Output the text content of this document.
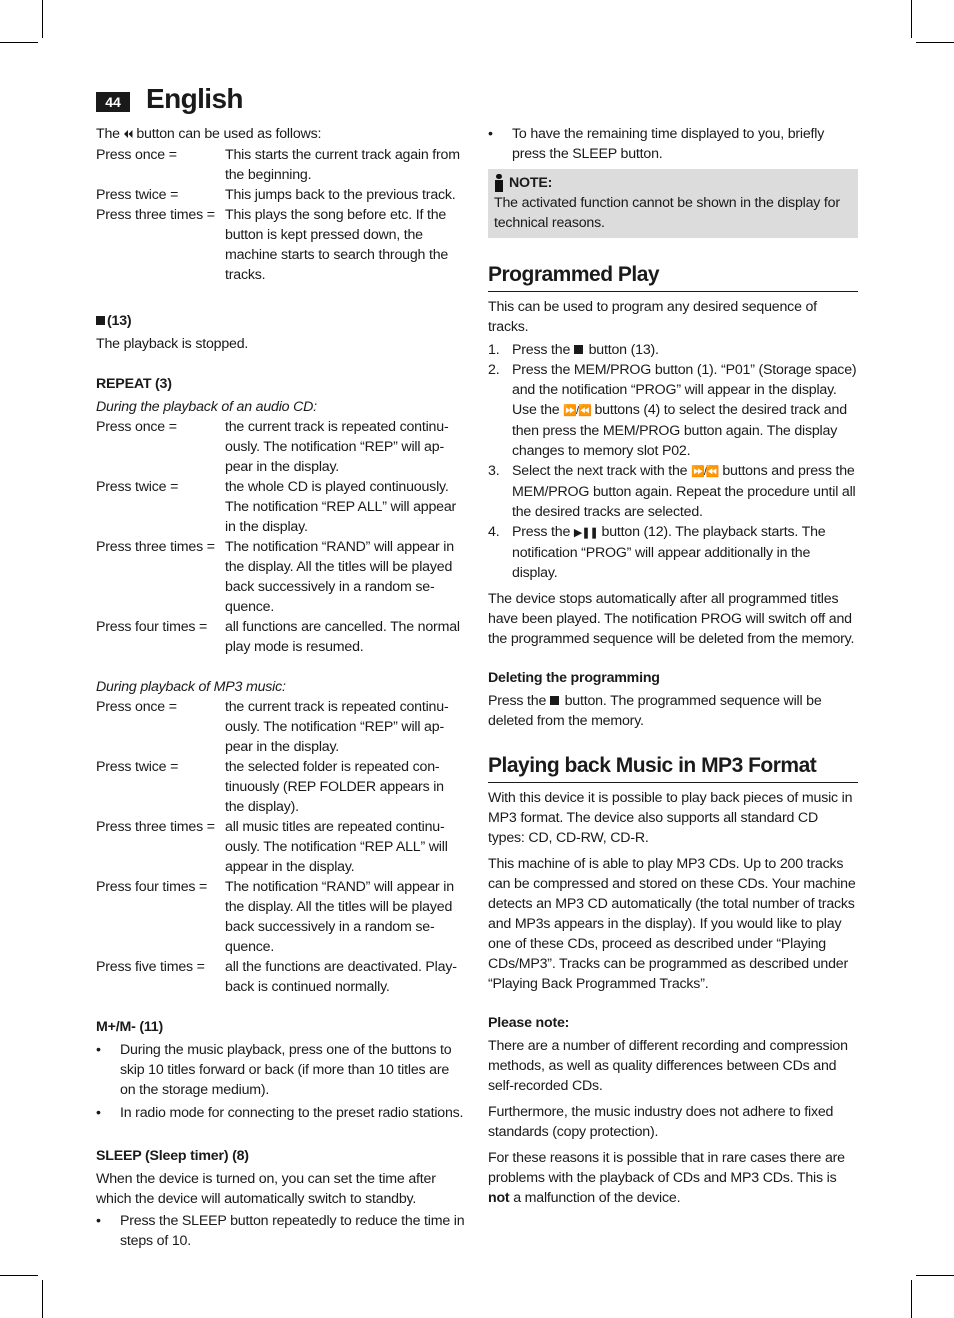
44 English

The ⏴⏴ button can be used as follows:

Press once =	This starts the current track again from the beginning.
Press twice =	This jumps back to the previous track.
Press three times = This plays the song before etc. If the button is kept pressed down, the machine starts to search through the tracks.

(13)

The playback is stopped.

REPEAT (3)

During the playback of an audio CD:

Press once =	the current track is repeated continuously. The notification “REP” will appear in the display.
Press twice =	the whole CD is played continuously. The notification “REP ALL” will appear in the display.
Press three times = The notification “RAND” will appear in the display. All the titles will be played back successively in a random sequence.
Press four times =	all functions are cancelled. The normal play mode is resumed.

During playback of MP3 music:

Press once =	the current track is repeated continuously. The notification “REP” will appear in the display.
Press twice =	the selected folder is repeated continuously (REP FOLDER appears in the display).
Press three times = all music titles are repeated continuously. The notification “REP ALL” will appear in the display.
Press four times =	The notification “RAND” will appear in the display. All the titles will be played back successively in a random sequence.
Press five times =	all the functions are deactivated. Playback is continued normally.

M+/M- (11)

•	During the music playback, press one of the buttons to skip 10 titles forward or back (if more than 10 titles are on the storage medium).
•	In radio mode for connecting to the preset radio stations.

SLEEP (Sleep timer) (8)

When the device is turned on, you can set the time after which the device will automatically switch to standby.

•	Press the SLEEP button repeatedly to reduce the time in steps of 10.
•	To have the remaining time displayed to you, briefly press the SLEEP button.
NOTE:

The activated function cannot be shown in the display for technical reasons.

Programmed Play

This can be used to program any desired sequence of tracks.

1. Press the  button (13).
2. Press the MEM/PROG button (1). “P01” (Storage space) and the notification “PROG” will appear in the display. Use the ⏩/⏪ buttons (4) to select the desired track and then press the MEM/PROG button again. The display changes to memory slot P02.
3. Select the next track with the ⏩/⏪ buttons and press the MEM/PROG button again. Repeat the procedure until all the desired tracks are selected.
4. Press the ▶❚❚ button (12). The playback starts. The notification “PROG” will appear additionally in the display.

The device stops automatically after all programmed titles have been played. The notification PROG will switch off and the programmed sequence will be deleted from the memory.

Deleting the programming

Press the  button. The programmed sequence will be deleted from the memory.

Playing back Music in MP3 Format

With this device it is possible to play back pieces of music in MP3 format. The device also supports all standard CD types: CD, CD-RW, CD-R.

This machine of is able to play MP3 CDs. Up to 200 tracks can be compressed and stored on these CDs. Your machine detects an MP3 CD automatically (the total number of tracks and MP3s appears in the display). If you would like to play one of these CDs, proceed as described under “Playing CDs/MP3”. Tracks can be programmed as described under “Playing Back Programmed Tracks”.

Please note:

There are a number of different recording and compression methods, as well as quality differences between CDs and self-recorded CDs.

Furthermore, the music industry does not adhere to fixed standards (copy protection).

For these reasons it is possible that in rare cases there are problems with the playback of CDs and MP3 CDs. This is not a malfunction of the device.
